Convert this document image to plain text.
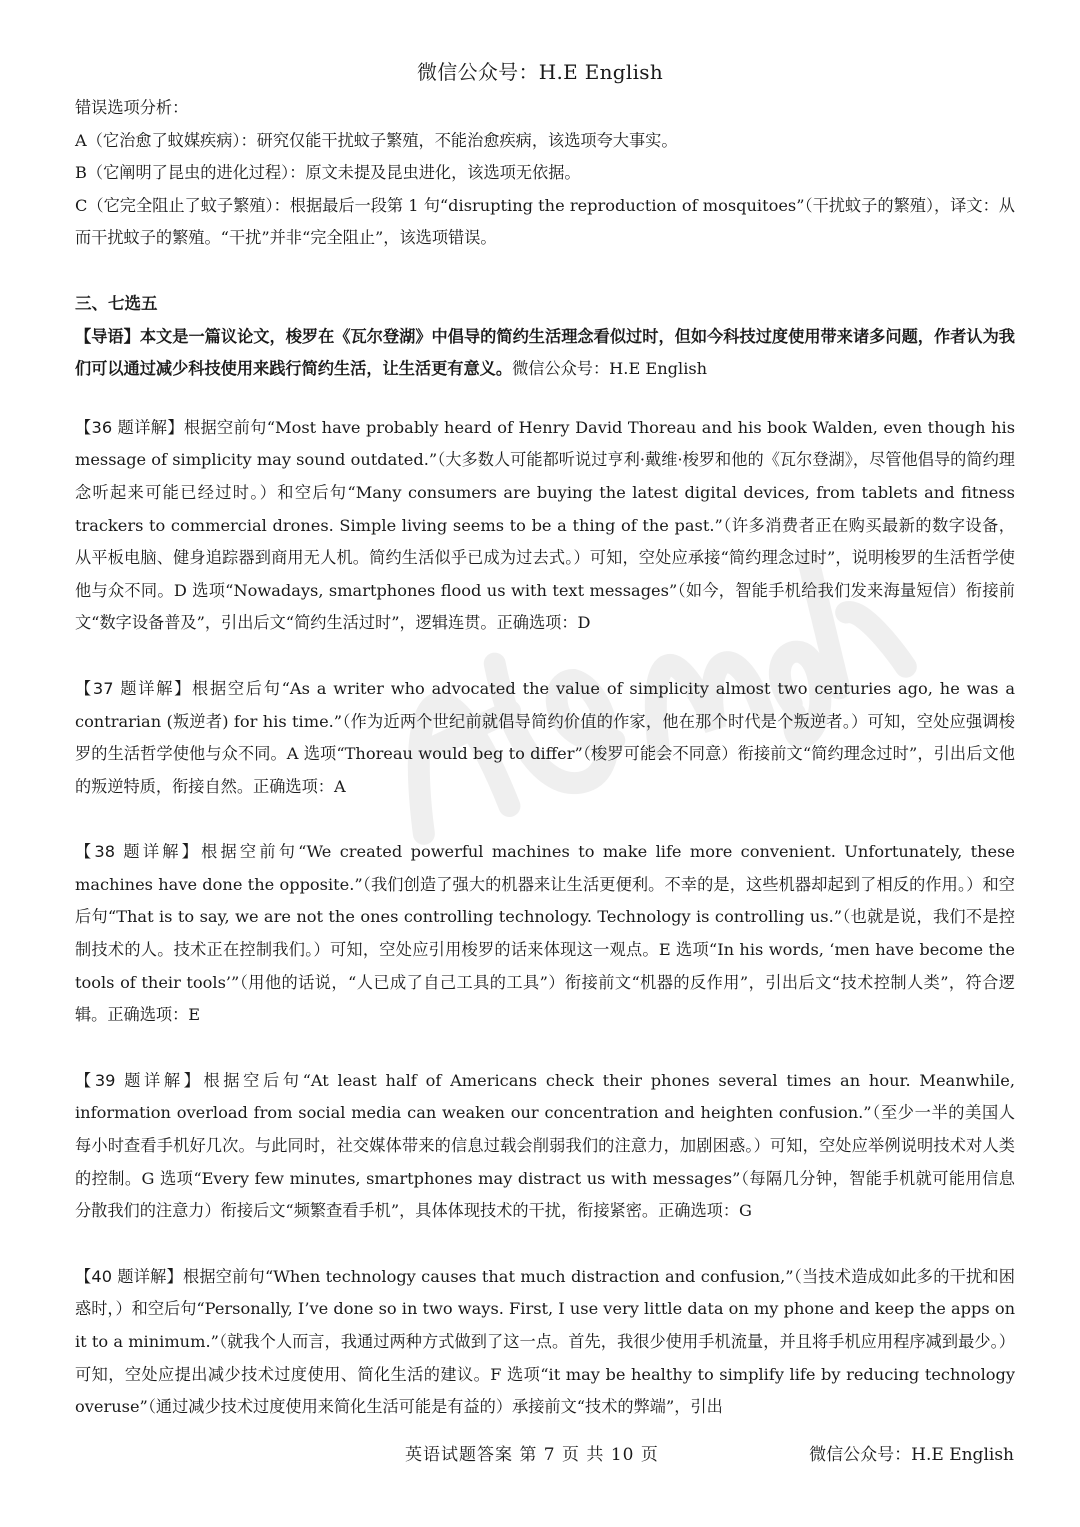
微信公众号：H.E English

错误选项分析：

A（它治愈了蚊媒疾病）：研究仅能干扰蚊子繁殖，不能治愈疾病，该选项夸大事实。

B（它阐明了昆虫的进化过程）：原文未提及昆虫进化，该选项无依据。

C（它完全阻止了蚊子繁殖）：根据最后一段第 1 句“disrupting the reproduction of mosquitoes”（干扰蚊子的繁殖），译文：从而干扰蚊子的繁殖。“干扰”并非“完全阻止”，该选项错误。

三、七选五

【导语】本文是一篇议论文，梭罗在《瓦尔登湖》中倡导的简约生活理念看似过时，但如今科技过度使用带来诸多问题，作者认为我们可以通过减少科技使用来践行简约生活，让生活更有意义。微信公众号：H.E English

【36 题详解】根据空前句“Most have probably heard of Henry David Thoreau and his book Walden, even though his message of simplicity may sound outdated.”（大多数人可能都听说过亨利·戴维·梭罗和他的《瓦尔登湖》，尽管他倡导的简约理念听起来可能已经过时。）和空后句“Many consumers are buying the latest digital devices, from tablets and fitness trackers to commercial drones. Simple living seems to be a thing of the past.”（许多消费者正在购买最新的数字设备，从平板电脑、健身追踪器到商用无人机。简约生活似乎已成为过去式。）可知，空处应承接“简约理念过时”，说明梭罗的生活哲学使他与众不同。D 选项“Nowadays, smartphones flood us with text messages”（如今，智能手机给我们发来海量短信）衔接前文“数字设备普及”，引出后文“简约生活过时”，逻辑连贯。正确选项：D

【37 题详解】根据空后句“As a writer who advocated the value of simplicity almost two centuries ago, he was a contrarian (叛逆者) for his time.”（作为近两个世纪前就倡导简约价值的作家，他在那个时代是个叛逆者。）可知，空处应强调梭罗的生活哲学使他与众不同。A 选项“Thoreau would beg to differ”（梭罗可能会不同意）衔接前文“简约理念过时”，引出后文他的叛逆特质，衔接自然。正确选项：A

【38 题详解】根据空前句“We created powerful machines to make life more convenient. Unfortunately, these machines have done the opposite.”（我们创造了强大的机器来让生活更便利。不幸的是，这些机器却起到了相反的作用。）和空后句“That is to say, we are not the ones controlling technology. Technology is controlling us.”（也就是说，我们不是控制技术的人。技术正在控制我们。）可知，空处应引用梭罗的话来体现这一观点。E 选项“In his words, ‘men have become the tools of their tools’”（用他的话说，“人已成了自己工具的工具”）衔接前文“机器的反作用”，引出后文“技术控制人类”，符合逻辑。正确选项：E

【39 题详解】根据空后句“At least half of Americans check their phones several times an hour. Meanwhile, information overload from social media can weaken our concentration and heighten confusion.”（至少一半的美国人每小时查看手机好几次。与此同时，社交媒体带来的信息过载会削弱我们的注意力，加剧困惑。）可知，空处应举例说明技术对人类的控制。G 选项“Every few minutes, smartphones may distract us with messages”（每隔几分钟，智能手机就可能用信息分散我们的注意力）衔接后文“频繁查看手机”，具体体现技术的干扰，衔接紧密。正确选项：G

【40 题详解】根据空前句“When technology causes that much distraction and confusion,”（当技术造成如此多的干扰和困惑时，）和空后句“Personally, I’ve done so in two ways. First, I use very little data on my phone and keep the apps on it to a minimum.”（就我个人而言，我通过两种方式做到了这一点。首先，我很少使用手机流量，并且将手机应用程序减到最少。）可知，空处应提出减少技术过度使用、简化生活的建议。F 选项“it may be healthy to simplify life by reducing technology overuse”（通过减少技术过度使用来简化生活可能是有益的）承接前文“技术的弊端”，引出

英语试题答案 第 7 页 共 10 页	微信公众号：H.E English
